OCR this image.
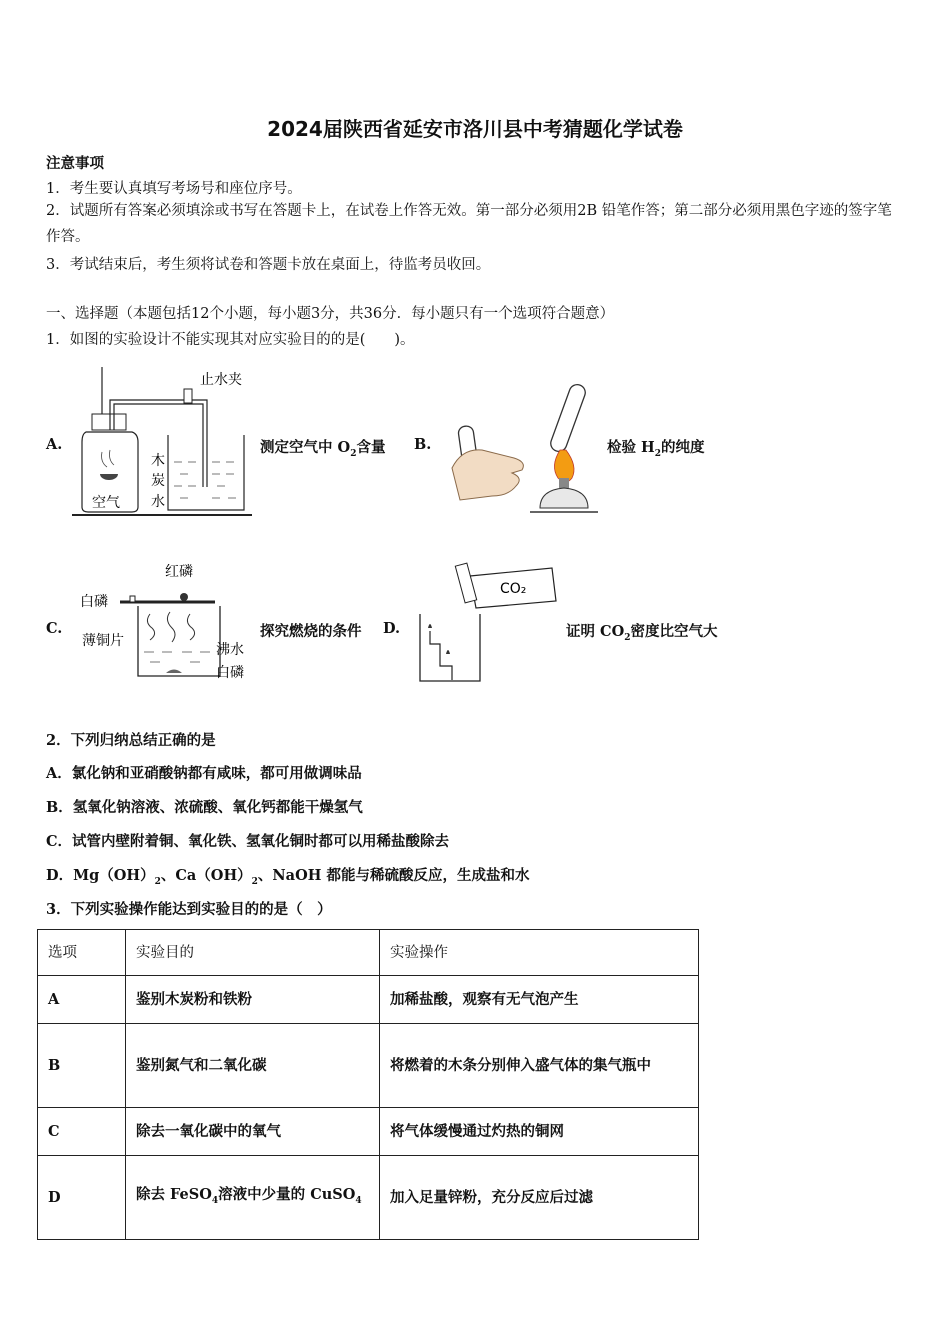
2024届陕西省延安市洛川县中考猜题化学试卷
注意事项
1．考生要认真填写考场号和座位序号。
2．试题所有答案必须填涂或书写在答题卡上，在试卷上作答无效。第一部分必须用2B 铅笔作答；第二部分必须用黑色字迹的签字笔作答。
3．考试结束后，考生须将试卷和答题卡放在桌面上，待监考员收回。
一、选择题（本题包括12个小题，每小题3分，共36分．每小题只有一个选项符合题意）
1．如图的实验设计不能实现其对应实验目的的是(　　)。
A.
止水夹
木
炭
水
空气
测定空气中 $O_2$含量 B.	检验 $H_2$的纯度
C.
红磷
白磷
薄铜片
沸水
白磷
探究燃烧的条件 D.
CO₂
证明 $CO_2$密度比空气大
2．下列归纳总结正确的是
A．氯化钠和亚硝酸钠都有咸味，都可用做调味品
B．氢氧化钠溶液、浓硫酸、氧化钙都能干燥氢气
C．试管内壁附着铜、氧化铁、氢氧化铜时都可以用稀盐酸除去
D．$Mg(OH)_2$、$Ca(OH)_2$、NaOH 都能与稀硫酸反应，生成盐和水
3．下列实验操作能达到实验目的的是（　）
选项	实验目的	实验操作
A	鉴别木炭粉和铁粉	加稀盐酸，观察有无气泡产生
B	鉴别氮气和二氧化碳	将燃着的木条分别伸入盛气体的集气瓶中
C	除去一氧化碳中的氧气	将气体缓慢通过灼热的铜网
D	除去 FeSO$_4$溶液中少量的 CuSO$_4$	加入足量锌粉，充分反应后过滤
